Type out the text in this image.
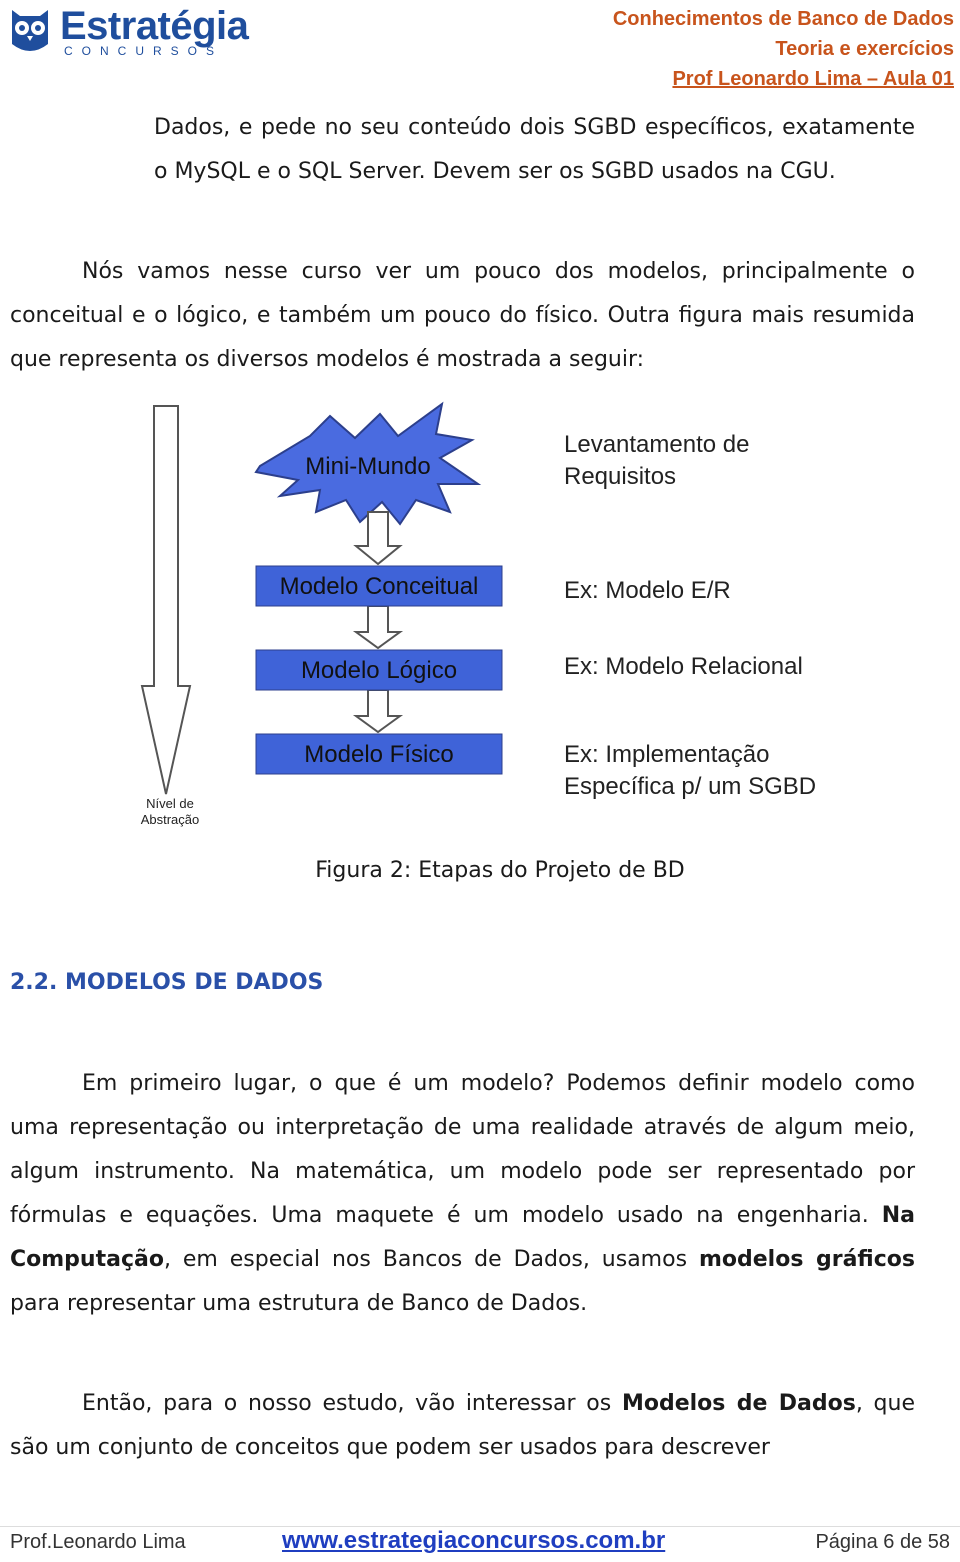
Estratégia
CONCURSOS
Conhecimentos de Banco de Dados
Teoria e exercícios
Prof Leonardo Lima – Aula 01
Dados, e pede no seu conteúdo dois SGBD específicos, exatamente o MySQL e o SQL Server. Devem ser os SGBD usados na CGU.
Nós vamos nesse curso ver um pouco dos modelos, principalmente o conceitual e o lógico, e também um pouco do físico. Outra figura mais resumida que representa os diversos modelos é mostrada a seguir:
Nível de
Abstração
Mini-Mundo
Modelo Conceitual
Modelo Lógico
Modelo Físico
Levantamento de
Requisitos
Ex: Modelo E/R
Ex: Modelo Relacional
Ex: Implementação
Específica p/ um SGBD
Figura 2: Etapas do Projeto de BD
2.2. MODELOS DE DADOS
Em primeiro lugar, o que é um modelo? Podemos definir modelo como uma representação ou interpretação de uma realidade através de algum meio, algum instrumento. Na matemática, um modelo pode ser representado por fórmulas e equações. Uma maquete é um modelo usado na engenharia. Na Computação, em especial nos Bancos de Dados, usamos modelos gráficos para representar uma estrutura de Banco de Dados.
Então, para o nosso estudo, vão interessar os Modelos de Dados, que são um conjunto de conceitos que podem ser usados para descrever
Prof.Leonardo Lima	www.estrategiaconcursos.com.br	Página 6 de 58
